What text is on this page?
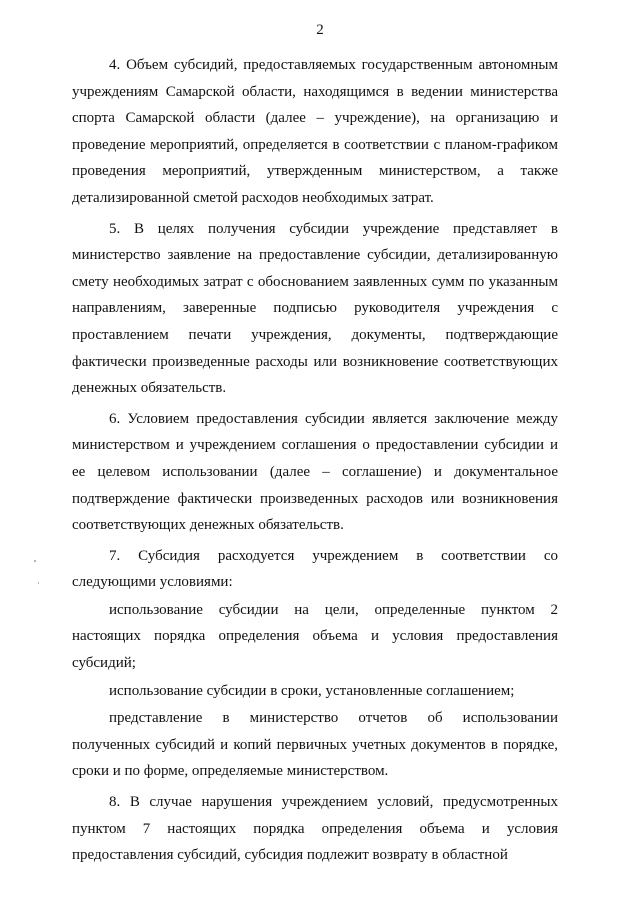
2

4. Объем субсидий, предоставляемых государственным автономным учреждениям Самарской области, находящимся в ведении министерства спорта Самарской области (далее – учреждение), на организацию и проведение мероприятий, определяется в соответствии с планом-графиком проведения мероприятий, утвержденным министерством, а также детализированной сметой расходов необходимых затрат.

5. В целях получения субсидии учреждение представляет в министерство заявление на предоставление субсидии, детализированную смету необходимых затрат с обоснованием заявленных сумм по указанным направлениям, заверенные подписью руководителя учреждения с проставлением печати учреждения, документы, подтверждающие фактически произведенные расходы или возникновение соответствующих денежных обязательств.

6. Условием предоставления субсидии является заключение между министерством и учреждением соглашения о предоставлении субсидии и ее целевом использовании (далее – соглашение) и документальное подтверждение фактически произведенных расходов или возникновения соответствующих денежных обязательств.

7. Субсидия расходуется учреждением в соответствии со следующими условиями:

использование субсидии на цели, определенные пунктом 2 настоящих порядка определения объема и условия предоставления субсидий;

использование субсидии в сроки, установленные соглашением;

представление в министерство отчетов об использовании полученных субсидий и копий первичных учетных документов в порядке, сроки и по форме, определяемые министерством.

8. В случае нарушения учреждением условий, предусмотренных пунктом 7 настоящих порядка определения объема и условия предоставления субсидий, субсидия подлежит возврату в областной
